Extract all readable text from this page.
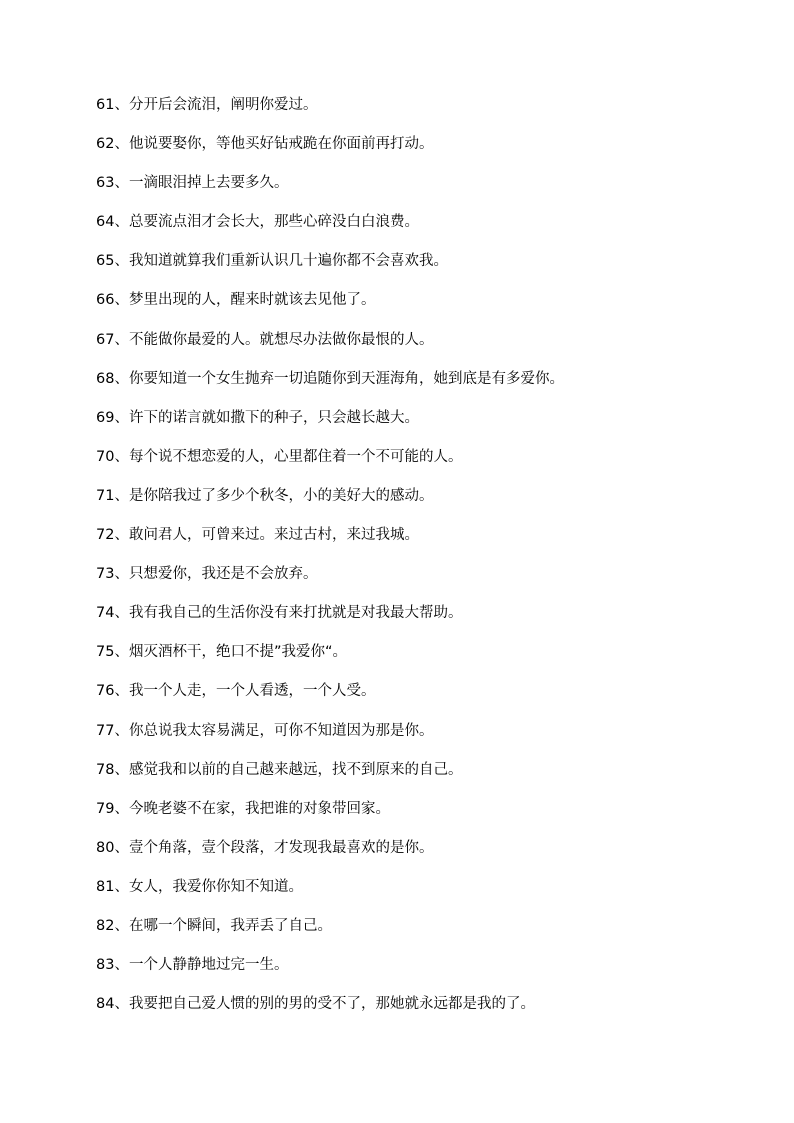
61、分开后会流泪，阐明你爱过。
62、他说要娶你，等他买好钻戒跪在你面前再打动。
63、一滴眼泪掉上去要多久。
64、总要流点泪才会长大，那些心碎没白白浪费。
65、我知道就算我们重新认识几十遍你都不会喜欢我。
66、梦里出现的人，醒来时就该去见他了。
67、不能做你最爱的人。就想尽办法做你最恨的人。
68、你要知道一个女生抛弃一切追随你到天涯海角，她到底是有多爱你。
69、许下的诺言就如撒下的种子，只会越长越大。
70、每个说不想恋爱的人，心里都住着一个不可能的人。
71、是你陪我过了多少个秋冬，小的美好大的感动。
72、敢问君人，可曾来过。来过古村，来过我城。
73、只想爱你，我还是不会放弃。
74、我有我自己的生活你没有来打扰就是对我最大帮助。
75、烟灭酒杯干，绝口不提”我爱你“。
76、我一个人走，一个人看透，一个人受。
77、你总说我太容易满足，可你不知道因为那是你。
78、感觉我和以前的自己越来越远，找不到原来的自己。
79、今晚老婆不在家，我把谁的对象带回家。
80、壹个角落，壹个段落，才发现我最喜欢的是你。
81、女人，我爱你你知不知道。
82、在哪一个瞬间，我弄丢了自己。
83、一个人静静地过完一生。
84、我要把自己爱人惯的别的男的受不了，那她就永远都是我的了。
